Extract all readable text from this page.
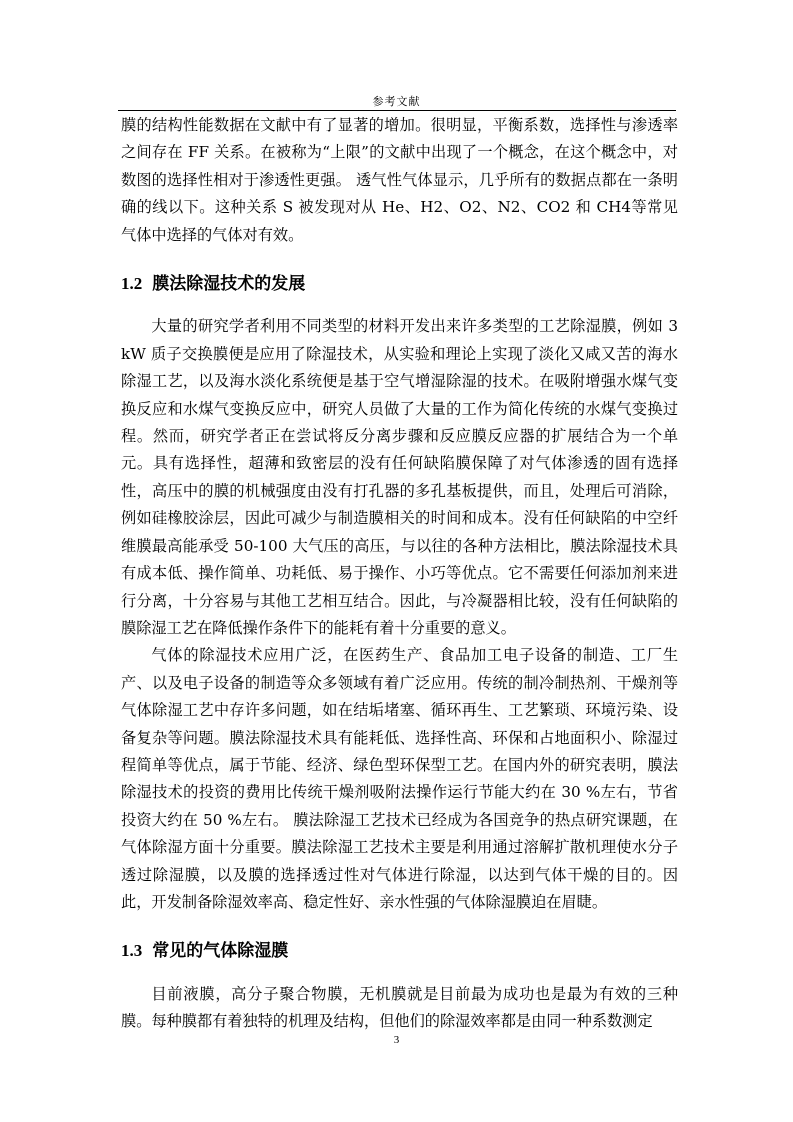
参考文献

膜的结构性能数据在文献中有了显著的增加。很明显，平衡系数，选择性与渗透率之间存在 FF 关系。在被称为“上限”的文献中出现了一个概念，在这个概念中，对数图的选择性相对于渗透性更强。 透气性气体显示，几乎所有的数据点都在一条明确的线以下。这种关系 S 被发现对从 He、H2、O2、N2、CO2 和 CH4等常见气体中选择的气体对有效。

1.2 膜法除湿技术的发展

大量的研究学者利用不同类型的材料开发出来许多类型的工艺除湿膜，例如 3 kW 质子交换膜便是应用了除湿技术，从实验和理论上实现了淡化又咸又苦的海水除湿工艺，以及海水淡化系统便是基于空气增湿除湿的技术。在吸附增强水煤气变换反应和水煤气变换反应中，研究人员做了大量的工作为简化传统的水煤气变换过程。然而，研究学者正在尝试将反分离步骤和反应膜反应器的扩展结合为一个单元。具有选择性，超薄和致密层的没有任何缺陷膜保障了对气体渗透的固有选择性，高压中的膜的机械强度由没有打孔器的多孔基板提供，而且，处理后可消除，例如硅橡胶涂层，因此可减少与制造膜相关的时间和成本。没有任何缺陷的中空纤维膜最高能承受 50-100 大气压的高压，与以往的各种方法相比，膜法除湿技术具有成本低、操作简单、功耗低、易于操作、小巧等优点。它不需要任何添加剂来进行分离，十分容易与其他工艺相互结合。因此，与冷凝器相比较，没有任何缺陷的膜除湿工艺在降低操作条件下的能耗有着十分重要的意义。

气体的除湿技术应用广泛，在医药生产、食品加工电子设备的制造、工厂生产、以及电子设备的制造等众多领域有着广泛应用。传统的制冷制热剂、干燥剂等气体除湿工艺中存许多问题，如在结垢堵塞、循环再生、工艺繁琐、环境污染、设备复杂等问题。膜法除湿技术具有能耗低、选择性高、环保和占地面积小、除湿过程简单等优点，属于节能、经济、绿色型环保型工艺。在国内外的研究表明，膜法除湿技术的投资的费用比传统干燥剂吸附法操作运行节能大约在 30 %左右，节省投资大约在 50 %左右。 膜法除湿工艺技术已经成为各国竞争的热点研究课题，在气体除湿方面十分重要。膜法除湿工艺技术主要是利用通过溶解扩散机理使水分子透过除湿膜，以及膜的选择透过性对气体进行除湿，以达到气体干燥的目的。因此，开发制备除湿效率高、稳定性好、亲水性强的气体除湿膜迫在眉睫。

1.3 常见的气体除湿膜

目前液膜，高分子聚合物膜，无机膜就是目前最为成功也是最为有效的三种膜。每种膜都有着独特的机理及结构，但他们的除湿效率都是由同一种系数测定

3
